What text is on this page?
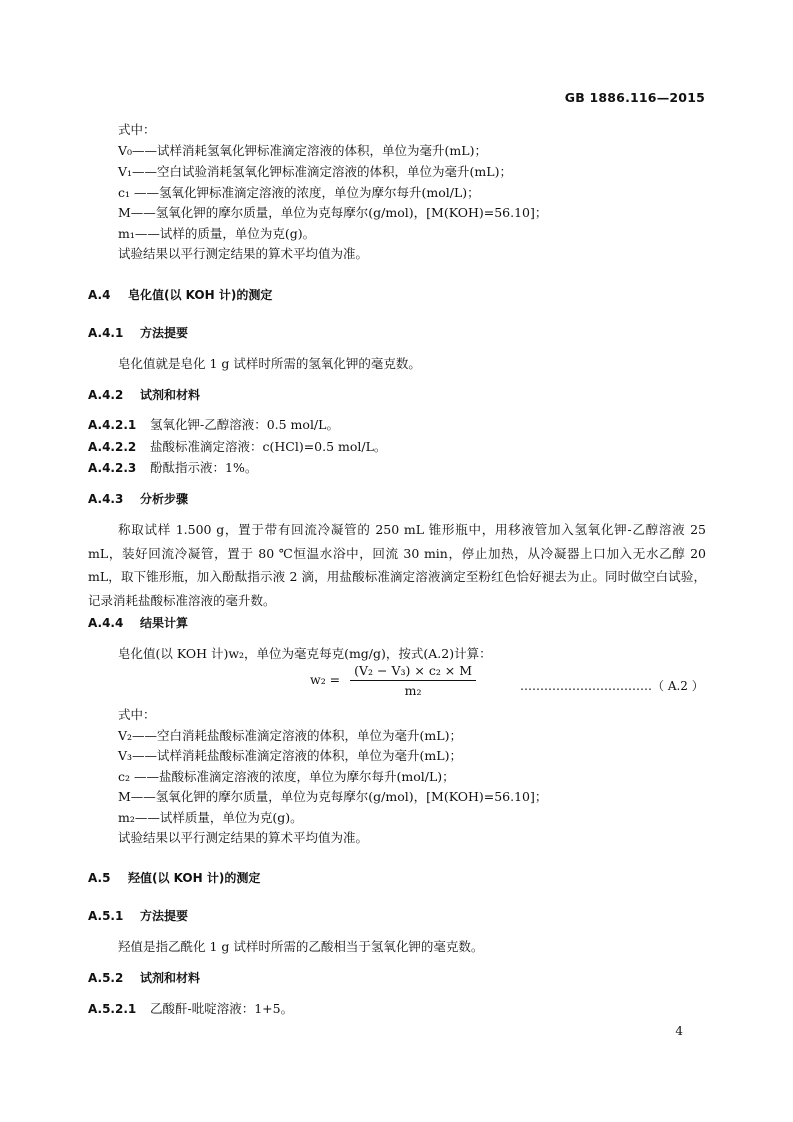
GB 1886.116—2015
式中：
V₀——试样消耗氢氧化钾标准滴定溶液的体积，单位为毫升(mL)；
V₁——空白试验消耗氢氧化钾标准滴定溶液的体积，单位为毫升(mL)；
c₁ ——氢氧化钾标准滴定溶液的浓度，单位为摩尔每升(mol/L)；
M——氢氧化钾的摩尔质量，单位为克每摩尔(g/mol)，[M(KOH)=56.10]；
m₁——试样的质量，单位为克(g)。
试验结果以平行测定结果的算术平均值为准。
A.4 皂化值(以 KOH 计)的测定
A.4.1 方法提要
皂化值就是皂化 1 g 试样时所需的氢氧化钾的毫克数。
A.4.2 试剂和材料
A.4.2.1 氢氧化钾-乙醇溶液：0.5 mol/L。
A.4.2.2 盐酸标准滴定溶液：c(HCl)=0.5 mol/L。
A.4.2.3 酚酞指示液：1%。
A.4.3 分析步骤
称取试样 1.500 g，置于带有回流冷凝管的 250 mL 锥形瓶中，用移液管加入氢氧化钾-乙醇溶液 25 mL，装好回流冷凝管，置于 80 ℃恒温水浴中，回流 30 min，停止加热，从冷凝器上口加入无水乙醇 20 mL，取下锥形瓶，加入酚酞指示液 2 滴，用盐酸标准滴定溶液滴定至粉红色恰好褪去为止。同时做空白试验，记录消耗盐酸标准溶液的毫升数。
A.4.4 结果计算
皂化值(以 KOH 计)w₂，单位为毫克每克(mg/g)，按式(A.2)计算：
$w_2 = \frac{\text{(V₂ − V₃) × c₂ × M}}{\text{m₂}}$	……………………………（ A.2 ）
式中：
V₂——空白消耗盐酸标准滴定溶液的体积，单位为毫升(mL)；
V₃——试样消耗盐酸标准滴定溶液的体积，单位为毫升(mL)；
c₂ ——盐酸标准滴定溶液的浓度，单位为摩尔每升(mol/L)；
M——氢氧化钾的摩尔质量，单位为克每摩尔(g/mol)，[M(KOH)=56.10]；
m₂——试样质量，单位为克(g)。
试验结果以平行测定结果的算术平均值为准。
A.5 羟值(以 KOH 计)的测定
A.5.1 方法提要
羟值是指乙酰化 1 g 试样时所需的乙酸相当于氢氧化钾的毫克数。
A.5.2 试剂和材料
A.5.2.1 乙酸酐-吡啶溶液：1+5。
4
